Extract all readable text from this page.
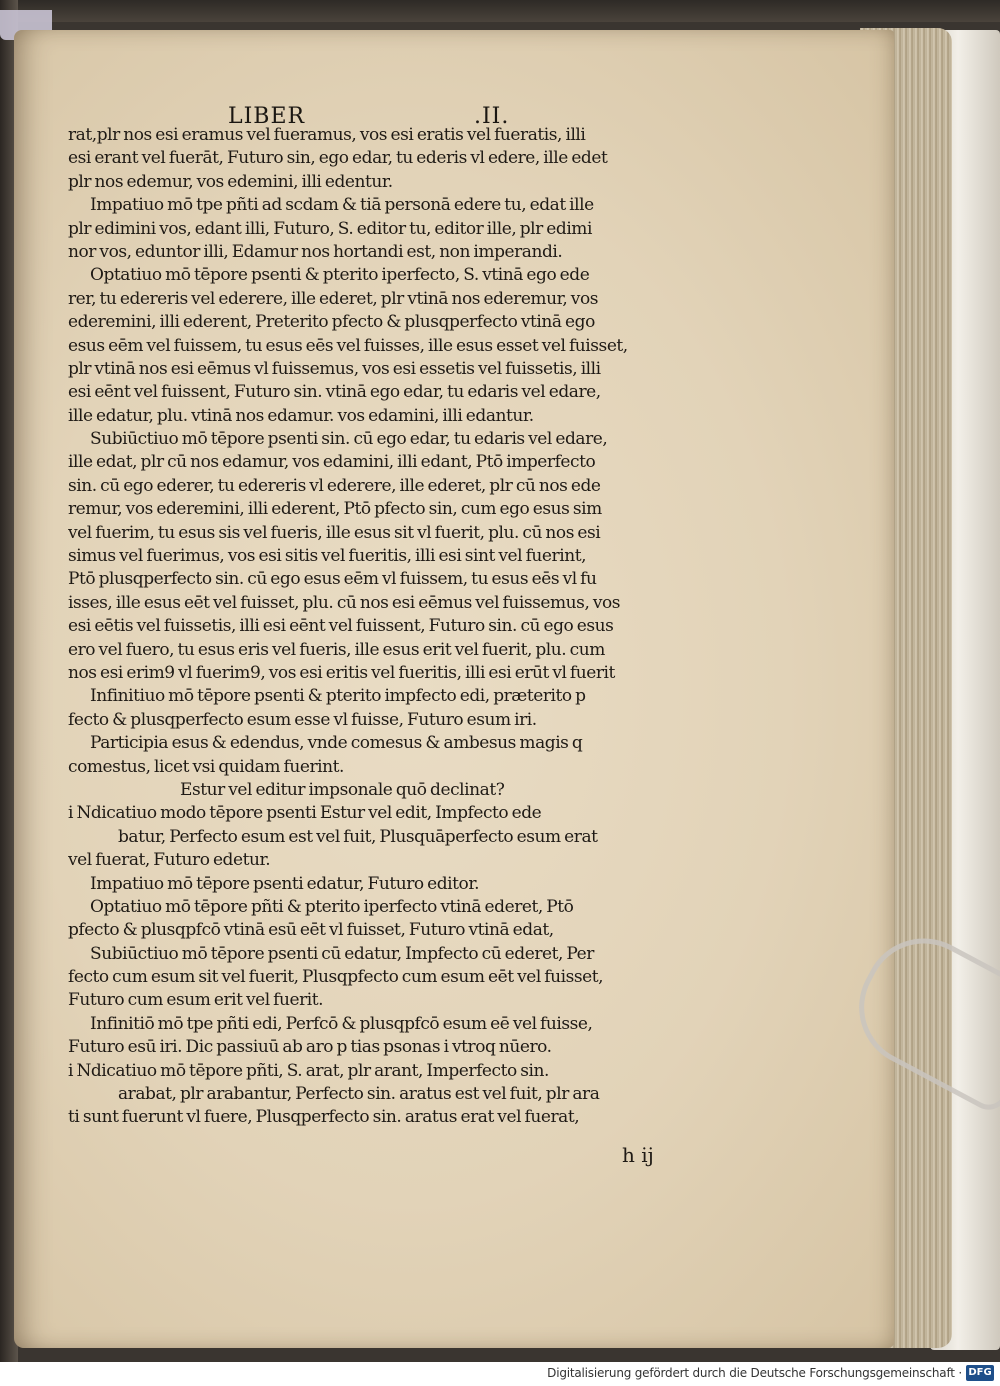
LIBER	.II.
rat,plr nos esi eramus vel fueramus, vos esi eratis vel fueratis, illi
esi erant vel fuerāt, Futuro sin, ego edar, tu ederis vl edere, ille edet
plr nos edemur, vos edemini, illi edentur.
Impatiuo mō tpe pñti ad scdam & tiā personā edere tu, edat ille
plr edimini vos, edant illi, Futuro, S. editor tu, editor ille, plr edimi
nor vos, eduntor illi, Edamur nos hortandi est, non imperandi.
Optatiuo mō tēpore psenti & pterito iperfecto, S. vtinā ego ede
rer, tu edereris vel ederere, ille ederet, plr vtinā nos ederemur, vos
ederemini, illi ederent, Preterito pfecto & plusqperfecto vtinā ego
esus eēm vel fuissem, tu esus eēs vel fuisses, ille esus esset vel fuisset,
plr vtinā nos esi eēmus vl fuissemus, vos esi essetis vel fuissetis, illi
esi eēnt vel fuissent, Futuro sin. vtinā ego edar, tu edaris vel edare,
ille edatur, plu. vtinā nos edamur. vos edamini, illi edantur.
Subiūctiuo mō tēpore psenti sin. cū ego edar, tu edaris vel edare,
ille edat, plr cū nos edamur, vos edamini, illi edant, Ptō imperfecto
sin. cū ego ederer, tu edereris vl ederere, ille ederet, plr cū nos ede
remur, vos ederemini, illi ederent, Ptō pfecto sin, cum ego esus sim
vel fuerim, tu esus sis vel fueris, ille esus sit vl fuerit, plu. cū nos esi
simus vel fuerimus, vos esi sitis vel fueritis, illi esi sint vel fuerint,
Ptō plusqperfecto sin. cū ego esus eēm vl fuissem, tu esus eēs vl fu
isses, ille esus eēt vel fuisset, plu. cū nos esi eēmus vel fuissemus, vos
esi eētis vel fuissetis, illi esi eēnt vel fuissent, Futuro sin. cū ego esus
ero vel fuero, tu esus eris vel fueris, ille esus erit vel fuerit, plu. cum
nos esi erim9 vl fuerim9, vos esi eritis vel fueritis, illi esi erūt vl fuerit
Infinitiuo mō tēpore psenti & pterito impfecto edi, præterito p
fecto & plusqperfecto esum esse vl fuisse, Futuro esum iri.
Participia esus & edendus, vnde comesus & ambesus magis q
comestus, licet vsi quidam fuerint.
Estur vel editur impsonale quō declinat?
i Ndicatiuo modo tēpore psenti Estur vel edit, Impfecto ede
batur, Perfecto esum est vel fuit, Plusquāperfecto esum erat
vel fuerat, Futuro edetur.
Impatiuo mō tēpore psenti edatur, Futuro editor.
Optatiuo mō tēpore pñti & pterito iperfecto vtinā ederet, Ptō
pfecto & plusqpfcō vtinā esū eēt vl fuisset, Futuro vtinā edat,
Subiūctiuo mō tēpore psenti cū edatur, Impfecto cū ederet, Per
fecto cum esum sit vel fuerit, Plusqpfecto cum esum eēt vel fuisset,
Futuro cum esum erit vel fuerit.
Infinitiō mō tpe pñti edi, Perfcō & plusqpfcō esum eē vel fuisse,
Futuro esū iri. Dic passiuū ab aro p tias psonas i vtroq nūero.
i Ndicatiuo mō tēpore pñti, S. arat, plr arant, Imperfecto sin.
arabat, plr arabantur, Perfecto sin. aratus est vel fuit, plr ara
ti sunt fuerunt vl fuere, Plusqperfecto sin. aratus erat vel fuerat,
h ij
Digitalisierung gefördert durch die Deutsche Forschungsgemeinschaft · DFG
